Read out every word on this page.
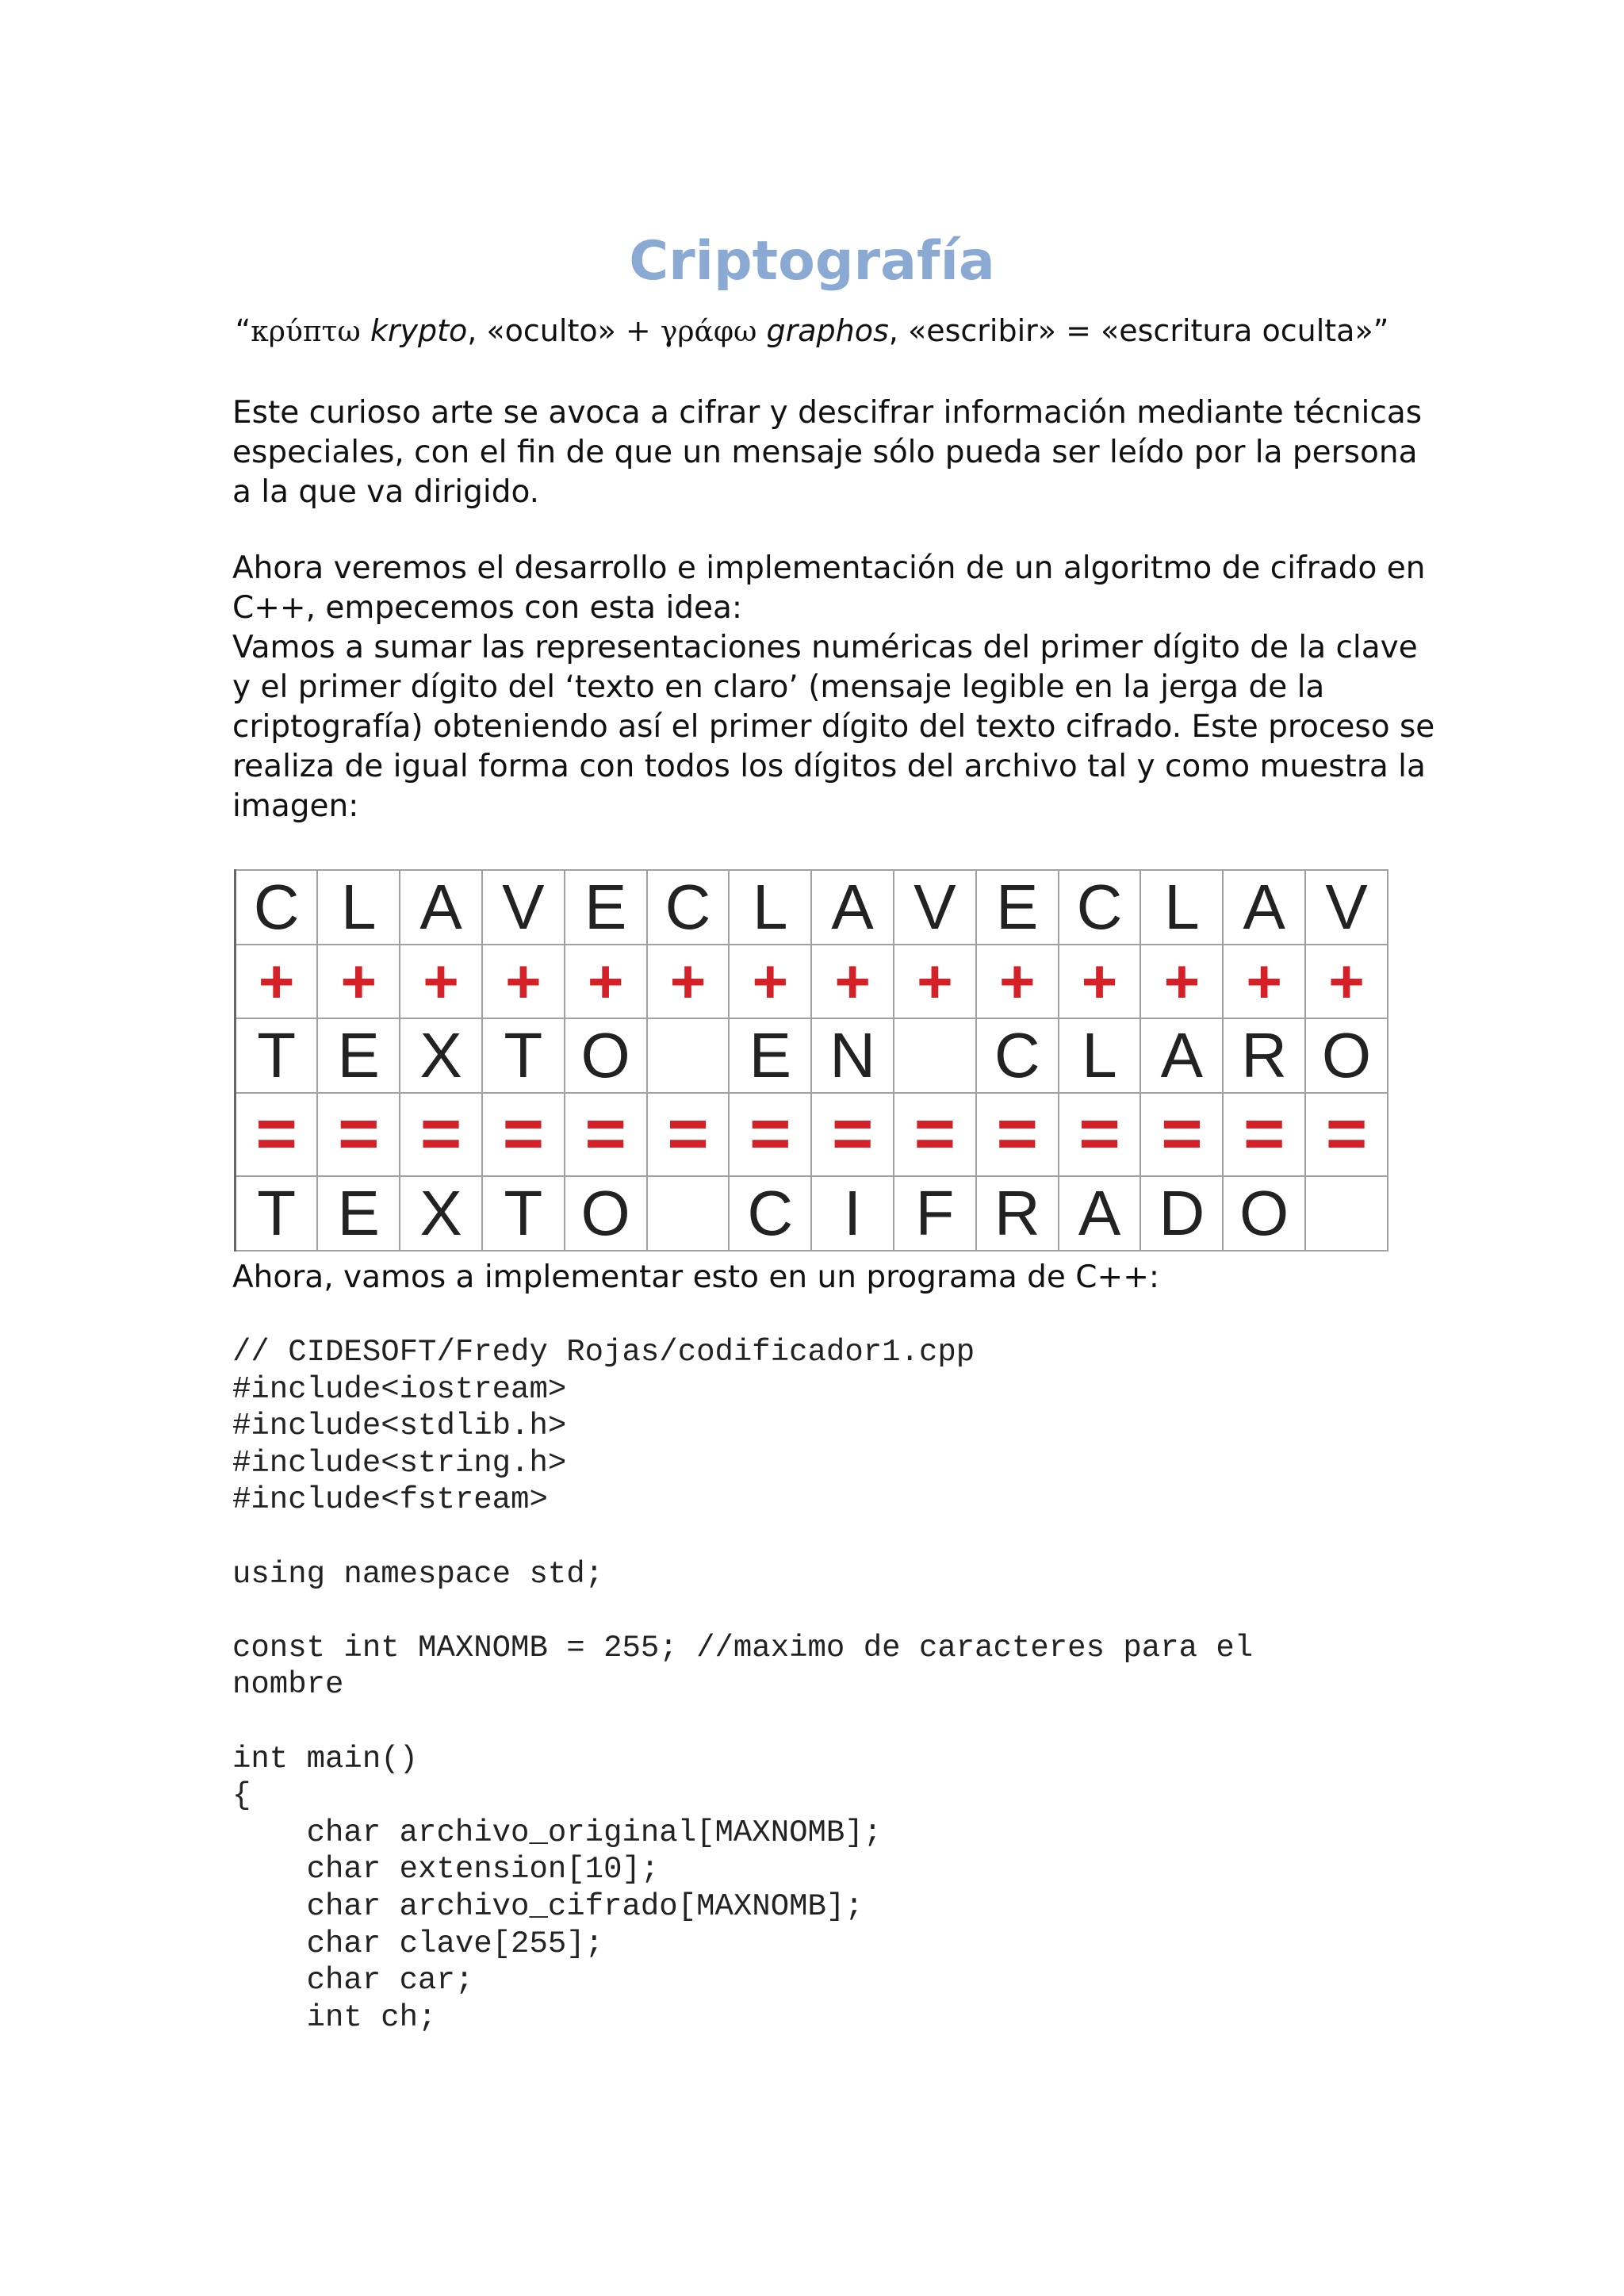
Criptografía
“κρύπτω krypto, «oculto» + γράφω graphos, «escribir» = «escritura oculta»”
Este curioso arte se avoca a cifrar y descifrar información mediante técnicas
especiales, con el fin de que un mensaje sólo pueda ser leído por la persona
a la que va dirigido.
Ahora veremos el desarrollo e implementación de un algoritmo de cifrado en
C++, empecemos con esta idea:
Vamos a sumar las representaciones numéricas del primer dígito de la clave
y el primer dígito del ‘texto en claro’ (mensaje legible en la jerga de la
criptografía) obteniendo así el primer dígito del texto cifrado. Este proceso se
realiza de igual forma con todos los dígitos del archivo tal y como muestra la
imagen:
C	L	A	V	E	C	L	A	V	E	C	L	A	V
+	+	+	+	+	+	+	+	+	+	+	+	+	+
T	E	X	T	O		E	N		C	L	A	R	O
=	=	=	=	=	=	=	=	=	=	=	=	=	=
T	E	X	T	O		C	I	F	R	A	D	O	
Ahora, vamos a implementar esto en un programa de C++:
// CIDESOFT/Fredy Rojas/codificador1.cpp
#include<iostream>
#include<stdlib.h>
#include<string.h>
#include<fstream>
using namespace std;
const int MAXNOMB = 255; //maximo de caracteres para el
nombre
int main()
{
char archivo_original[MAXNOMB];
char extension[10];
char archivo_cifrado[MAXNOMB];
char clave[255];
char car;
int ch;
